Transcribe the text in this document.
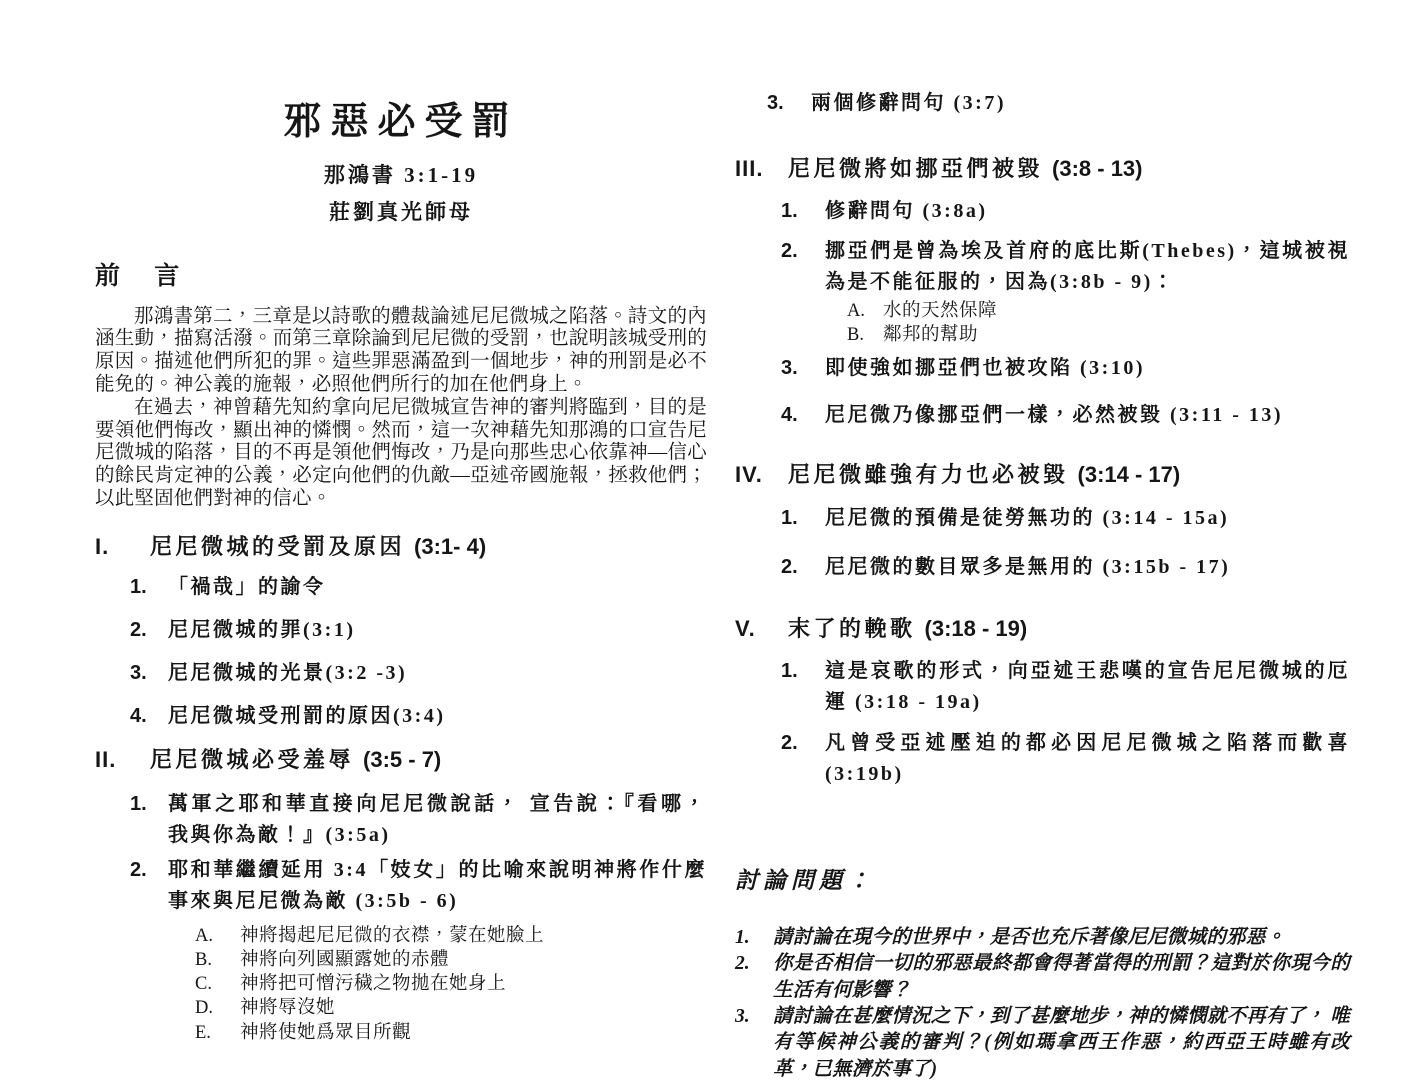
邪惡必受罰
那鴻書 3:1-19
莊劉真光師母
前 言

那鴻書第二，三章是以詩歌的體裁論述尼尼微城之陷落。詩文的內涵生動，描寫活潑。而第三章除論到尼尼微的受罰，也說明該城受刑的原因。描述他們所犯的罪。這些罪惡滿盈到一個地步，神的刑罰是必不能免的。神公義的施報，必照他們所行的加在他們身上。

在過去，神曾藉先知約拿向尼尼微城宣告神的審判將臨到，目的是要領他們悔改，顯出神的憐憫。然而，這一次神藉先知那鴻的口宣告尼尼微城的陷落，目的不再是領他們悔改，乃是向那些忠心依靠神—信心的餘民肯定神的公義，必定向他們的仇敵—亞述帝國施報，拯救他們；以此堅固他們對神的信心。

I.	尼尼微城的受罰及原因 (3:1- 4)
1.	「禍哉」的諭令
2.	尼尼微城的罪(3:1)
3.	尼尼微城的光景(3:2 -3)
4.	尼尼微城受刑罰的原因(3:4)
II.	尼尼微城必受羞辱 (3:5 - 7)
1.	萬軍之耶和華直接向尼尼微說話， 宣告說：『看哪， 我與你為敵！』(3:5a)
2.	耶和華繼續延用 3:4「妓女」的比喻來說明神將作什麼事來與尼尼微為敵 (3:5b - 6)
A.	神將揭起尼尼微的衣襟，蒙在她臉上
B.	神將向列國顯露她的赤體
C.	神將把可憎污穢之物拋在她身上
D.	神將辱沒她
E.	神將使她爲眾目所觀
3.	兩個修辭問句 (3:7)
III.	尼尼微將如挪亞們被毀 (3:8 - 13)
1.	修辭問句 (3:8a)
2.	挪亞們是曾為埃及首府的底比斯(Thebes)，這城被視為是不能征服的，因為(3:8b - 9)：
A. 水的天然保障
B.	鄰邦的幫助
3.	即使強如挪亞們也被攻陷 (3:10)
4.	尼尼微乃像挪亞們一樣，必然被毀 (3:11 - 13)
IV.	尼尼微雖強有力也必被毀 (3:14 - 17)
1.	尼尼微的預備是徒勞無功的 (3:14 - 15a)
2.	尼尼微的數目眾多是無用的 (3:15b - 17)
V.	末了的輓歌 (3:18 - 19)
1.	這是哀歌的形式，向亞述王悲嘆的宣告尼尼微城的厄運 (3:18 - 19a)
2.	凡曾受亞述壓迫的都必因尼尼微城之陷落而歡喜 (3:19b)
討論問題：
1.	請討論在現今的世界中，是否也充斥著像尼尼微城的邪惡。
2.	你是否相信一切的邪惡最終都會得著當得的刑罰？這對於你現今的生活有何影響？
3.	請討論在甚麼情況之下，到了甚麼地步，神的憐憫就不再有了， 唯有等候神公義的審判？(例如瑪拿西王作惡，約西亞王時雖有改革，已無濟於事了)
